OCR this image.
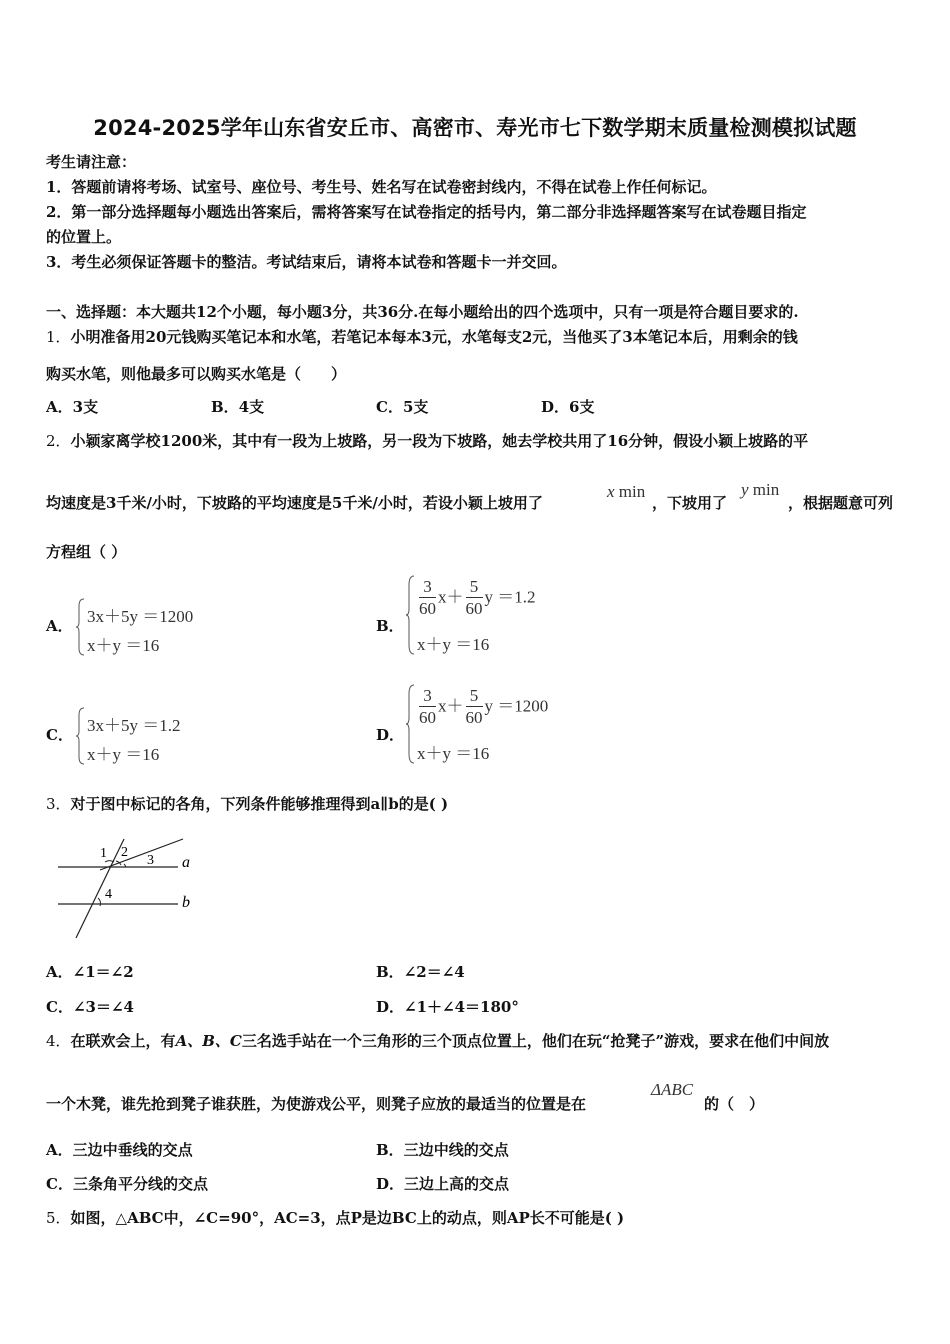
2024-2025学年山东省安丘市、高密市、寿光市七下数学期末质量检测模拟试题
考生请注意：
1．答题前请将考场、试室号、座位号、考生号、姓名写在试卷密封线内，不得在试卷上作任何标记。
2．第一部分选择题每小题选出答案后，需将答案写在试卷指定的括号内，第二部分非选择题答案写在试卷题目指定
的位置上。
3．考生必须保证答题卡的整洁。考试结束后，请将本试卷和答题卡一并交回。
一、选择题：本大题共12个小题，每小题3分，共36分.在每小题给出的四个选项中，只有一项是符合题目要求的.
1．小明准备用20元钱购买笔记本和水笔，若笔记本每本3元，水笔每支2元，当他买了3本笔记本后，用剩余的钱
购买水笔，则他最多可以购买水笔是（　　）
A．3支	B．4支	C．5支	D．6支
2．小颖家离学校1200米，其中有一段为上坡路，另一段为下坡路，她去学校共用了16分钟，假设小颖上坡路的平
均速度是3千米/小时，下坡路的平均速度是5千米/小时，若设小颖上坡用了
x min
，下坡用了
y min
，根据题意可列
方程组（ ）
A． 3x＋5y ＝1200
x＋y ＝16
B．
$\frac{3}{60} x+ \frac{5}{60}$ y ＝1.2
x＋y ＝16
C． 3x＋5y ＝1.2
x＋y ＝16
D．
$\frac{3}{60} x+ \frac{5}{60}$ y ＝1200
x＋y ＝16
3．对于图中标记的各角，下列条件能够推理得到a∥b的是( )
1 2
3
4
a
b
A．∠1＝∠2	B．∠2＝∠4
C．∠3＝∠4	D．∠1＋∠4＝180°
4．在联欢会上，有A、B、C三名选手站在一个三角形的三个顶点位置上，他们在玩“抢凳子”游戏，要求在他们中间放
一个木凳，谁先抢到凳子谁获胜，为使游戏公平，则凳子应放的最适当的位置是在
ΔABC
的（　）
A．三边中垂线的交点	B．三边中线的交点
C．三条角平分线的交点	D．三边上高的交点
5．如图，△ABC中，∠C=90°，AC=3，点P是边BC上的动点，则AP长不可能是( )
